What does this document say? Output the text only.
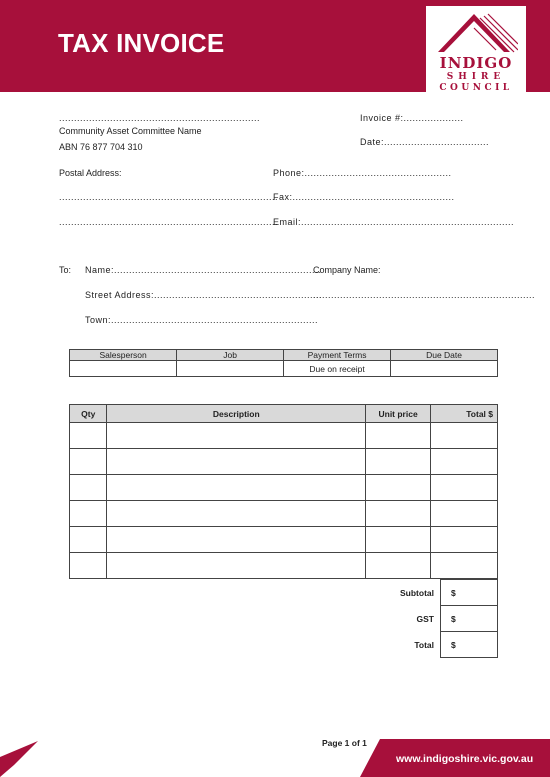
TAX INVOICE
INDIGO
SHIRE
COUNCIL
...................................................................
Community Asset Committee Name
ABN 76 877 704 310
Invoice #:....................
Date:...................................
Postal Address:	Phone:.................................................
.........................................................................
Fax:......................................................
.........................................................................
Email:.......................................................................
To: Name:.....................................................................
Company Name:
Street Address:........................................................
..........................................................................
Town:.....................................................................
Salesperson	Job	Payment Terms	Due Date
		Due on receipt	
Qty	Description	Unit price	Total $

Subtotal	$
GST	$
Total	$
Page 1 of 1
www.indigoshire.vic.gov.au
